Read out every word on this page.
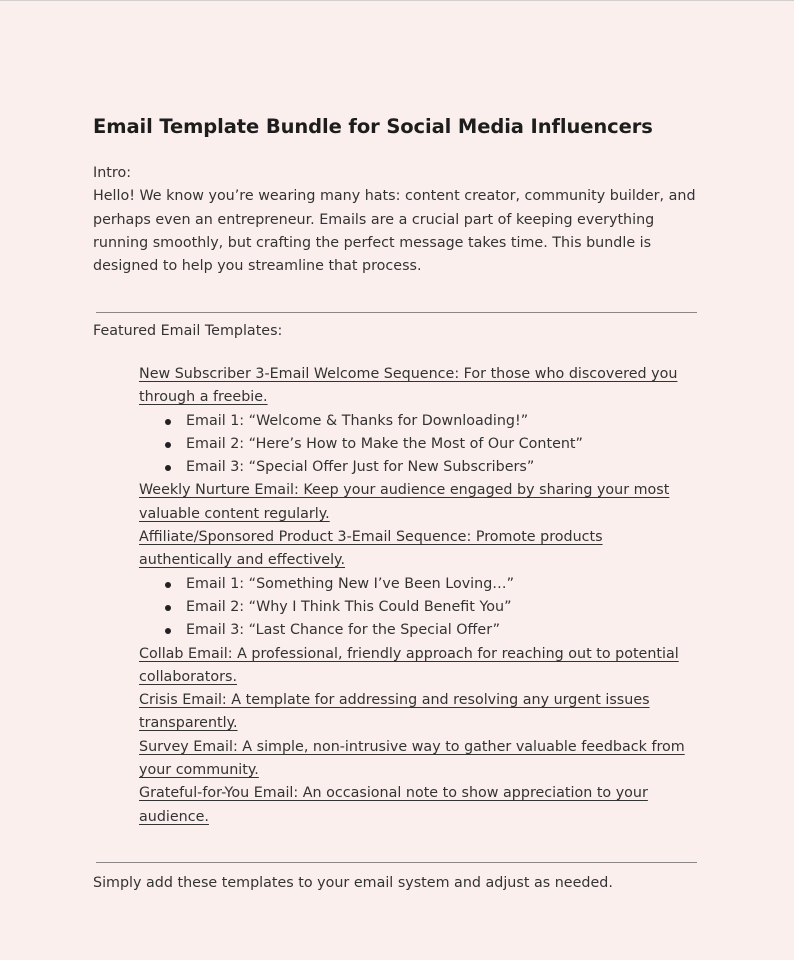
Email Template Bundle for Social Media Influencers

Intro:

Hello! We know you’re wearing many hats: content creator, community builder, and perhaps even an entrepreneur. Emails are a crucial part of keeping everything running smoothly, but crafting the perfect message takes time. This bundle is designed to help you streamline that process.

Featured Email Templates:
New Subscriber 3-Email Welcome Sequence: For those who discovered you through a freebie.
Email 1: “Welcome & Thanks for Downloading!”
Email 2: “Here’s How to Make the Most of Our Content”
Email 3: “Special Offer Just for New Subscribers”
Weekly Nurture Email: Keep your audience engaged by sharing your most valuable content regularly.
Affiliate/Sponsored Product 3-Email Sequence: Promote products authentically and effectively.
Email 1: “Something New I’ve Been Loving…”
Email 2: “Why I Think This Could Benefit You”
Email 3: “Last Chance for the Special Offer”
Collab Email: A professional, friendly approach for reaching out to potential collaborators.
Crisis Email: A template for addressing and resolving any urgent issues transparently.
Survey Email: A simple, non-intrusive way to gather valuable feedback from your community.
Grateful-for-You Email: An occasional note to show appreciation to your audience.
Simply add these templates to your email system and adjust as needed.
